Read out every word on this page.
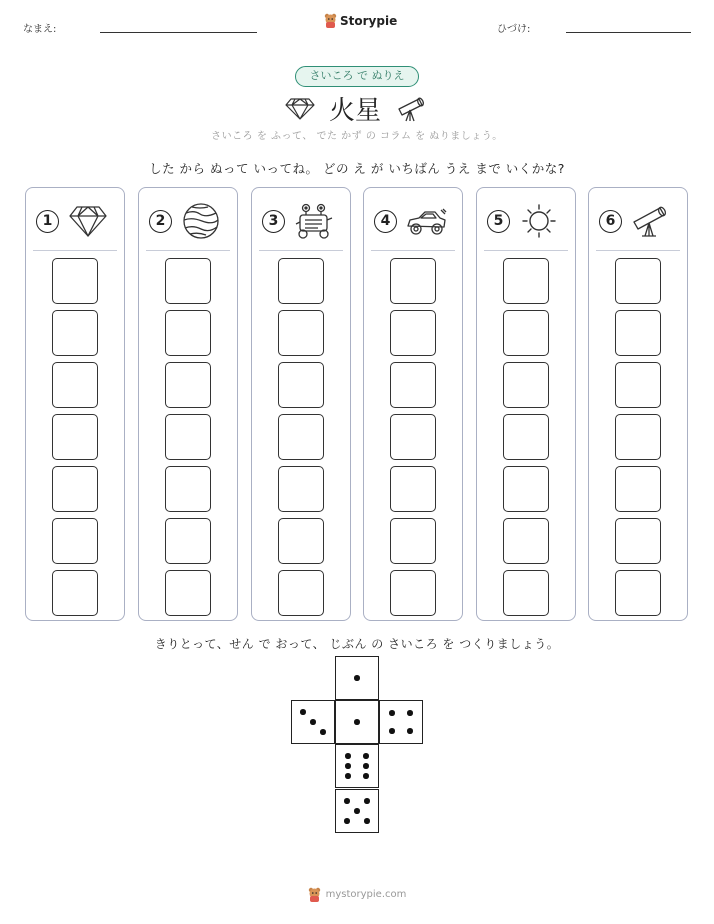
なまえ:
Storypie
ひづけ:
さいころ で ぬりえ
火星
さいころ を ふって、 でた かず の コラム を ぬりましょう。
した から ぬって いってね。 どの え が いちばん うえ まで いくかな?
1	2	3	4	5	6
きりとって、せん で おって、 じぶん の さいころ を つくりましょう。
mystorypie.com
